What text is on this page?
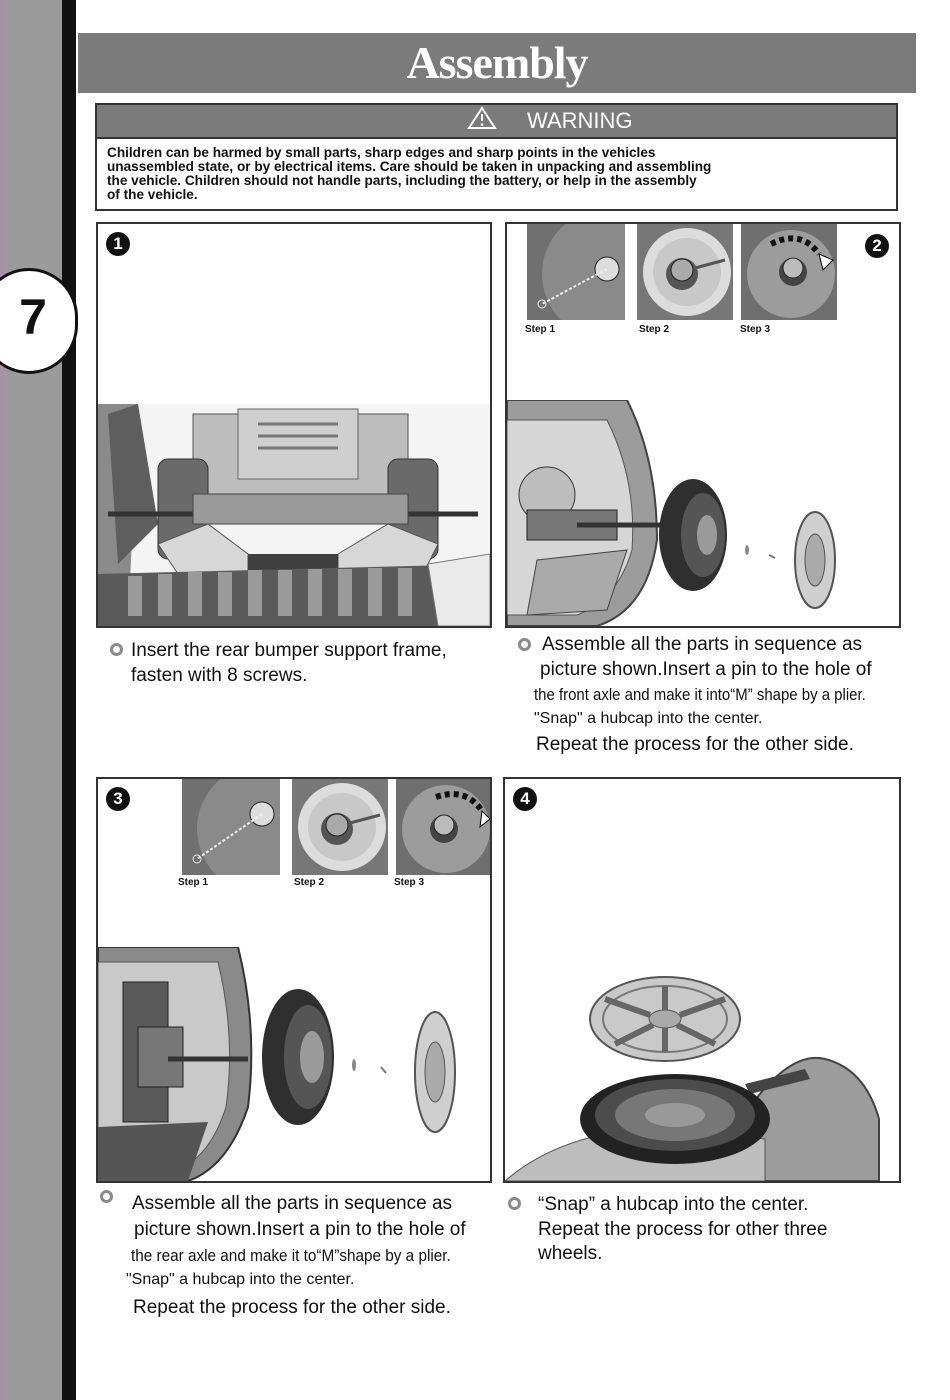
7
Assembly
WARNING
Children can be harmed by small parts, sharp edges and sharp points in the vehicles
unassembled state, or by electrical items. Care should be taken in unpacking and assembling
the vehicle. Children should not handle parts, including the battery, or help in the assembly
of the vehicle.
1
Insert the rear bumper support frame,
fasten with 8 screws.
2
Step 1	Step 2	Step 3
Assemble all the parts in sequence as
picture shown.Insert a pin to the hole of
the front axle and make it into“M” shape by a plier.
"Snap" a hubcap into the center.
Repeat the process for the other side.
3
Step 1	Step 2	Step 3
Assemble all the parts in sequence as
picture shown.Insert a pin to the hole of
the rear axle and make it to“M”shape by a plier.
"Snap" a hubcap into the center.
Repeat the process for the other side.
4
“Snap” a hubcap into the center.
Repeat the process for other three
wheels.
